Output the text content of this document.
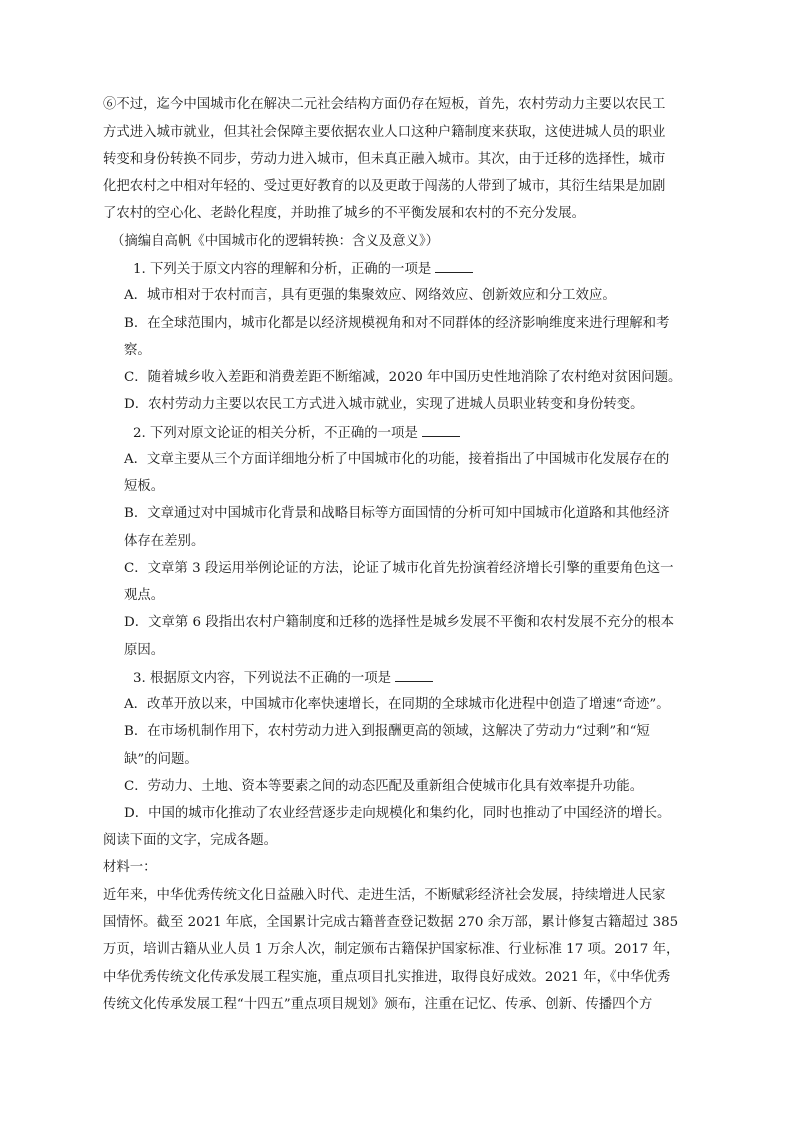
⑥不过，迄今中国城市化在解决二元社会结构方面仍存在短板，首先，农村劳动力主要以农民工
方式进入城市就业，但其社会保障主要依据农业人口这种户籍制度来获取，这使进城人员的职业
转变和身份转换不同步，劳动力进入城市，但未真正融入城市。其次，由于迁移的选择性，城市
化把农村之中相对年轻的、受过更好教育的以及更敢于闯荡的人带到了城市，其衍生结果是加剧
了农村的空心化、老龄化程度，并助推了城乡的不平衡发展和农村的不充分发展。
（摘编自高帆《中国城市化的逻辑转换：含义及意义》）
1. 下列关于原文内容的理解和分析，正确的一项是
A．城市相对于农村而言，具有更强的集聚效应、网络效应、创新效应和分工效应。
B．在全球范围内，城市化都是以经济规模视角和对不同群体的经济影响维度来进行理解和考
察。
C．随着城乡收入差距和消费差距不断缩减，2020 年中国历史性地消除了农村绝对贫困问题。
D．农村劳动力主要以农民工方式进入城市就业，实现了进城人员职业转变和身份转变。
2. 下列对原文论证的相关分析，不正确的一项是
A．文章主要从三个方面详细地分析了中国城市化的功能，接着指出了中国城市化发展存在的
短板。
B．文章通过对中国城市化背景和战略目标等方面国情的分析可知中国城市化道路和其他经济
体存在差别。
C．文章第 3 段运用举例论证的方法，论证了城市化首先扮演着经济增长引擎的重要角色这一
观点。
D．文章第 6 段指出农村户籍制度和迁移的选择性是城乡发展不平衡和农村发展不充分的根本
原因。
3. 根据原文内容，下列说法不正确的一项是
A．改革开放以来，中国城市化率快速增长，在同期的全球城市化进程中创造了增速“奇迹”。
B．在市场机制作用下，农村劳动力进入到报酬更高的领域，这解决了劳动力“过剩”和“短
缺”的问题。
C．劳动力、土地、资本等要素之间的动态匹配及重新组合使城市化具有效率提升功能。
D．中国的城市化推动了农业经营逐步走向规模化和集约化，同时也推动了中国经济的增长。
阅读下面的文字，完成各题。
材料一：
近年来，中华优秀传统文化日益融入时代、走进生活，不断赋彩经济社会发展，持续增进人民家
国情怀。截至 2021 年底，全国累计完成古籍普查登记数据 270 余万部，累计修复古籍超过 385
万页，培训古籍从业人员 1 万余人次，制定颁布古籍保护国家标准、行业标准 17 项。2017 年，
中华优秀传统文化传承发展工程实施，重点项目扎实推进，取得良好成效。2021 年，《中华优秀
传统文化传承发展工程“十四五”重点项目规划》颁布，注重在记忆、传承、创新、传播四个方
